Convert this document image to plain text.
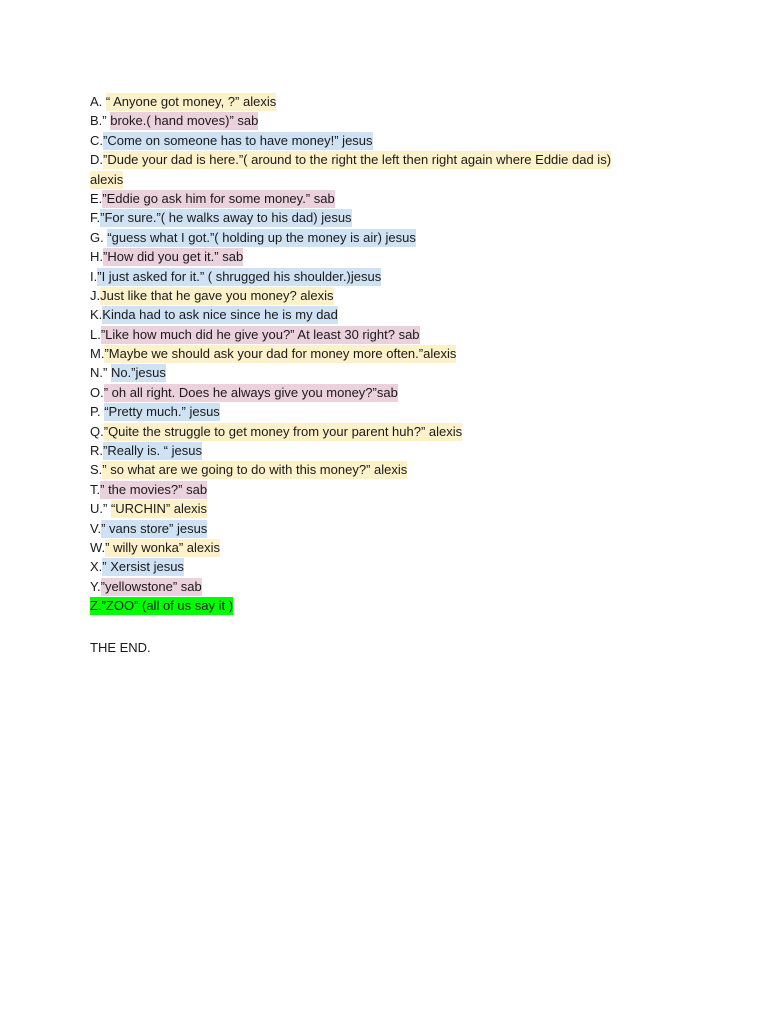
A. “ Anyone got money, ?” alexis
B.” broke.( hand moves)” sab
C.”Come on someone has to have money!” jesus
D.”Dude your dad is here.”( around to the right the left then right again where Eddie dad is)
alexis
E.”Eddie go ask him for some money.” sab
F.”For sure.”( he walks away to his dad) jesus
G. “guess what I got.”( holding up the money is air) jesus
H.”How did you get it.” sab
I.”I just asked for it.” ( shrugged his shoulder.)jesus
J.Just like that he gave you money? alexis
K.Kinda had to ask nice since he is my dad
L.”Like how much did he give you?” At least 30 right? sab
M.”Maybe we should ask your dad for money more often.”alexis
N.” No.”jesus
O.” oh all right. Does he always give you money?”sab
P. “Pretty much.” jesus
Q.”Quite the struggle to get money from your parent huh?” alexis
R.”Really is. “ jesus
S.” so what are we going to do with this money?” alexis
T.” the movies?” sab
U.” “URCHIN” alexis
V.” vans store” jesus
W.” willy wonka” alexis
X.” Xersist jesus
Y.”yellowstone” sab
Z.”ZOO” (all of us say it )
THE END.
